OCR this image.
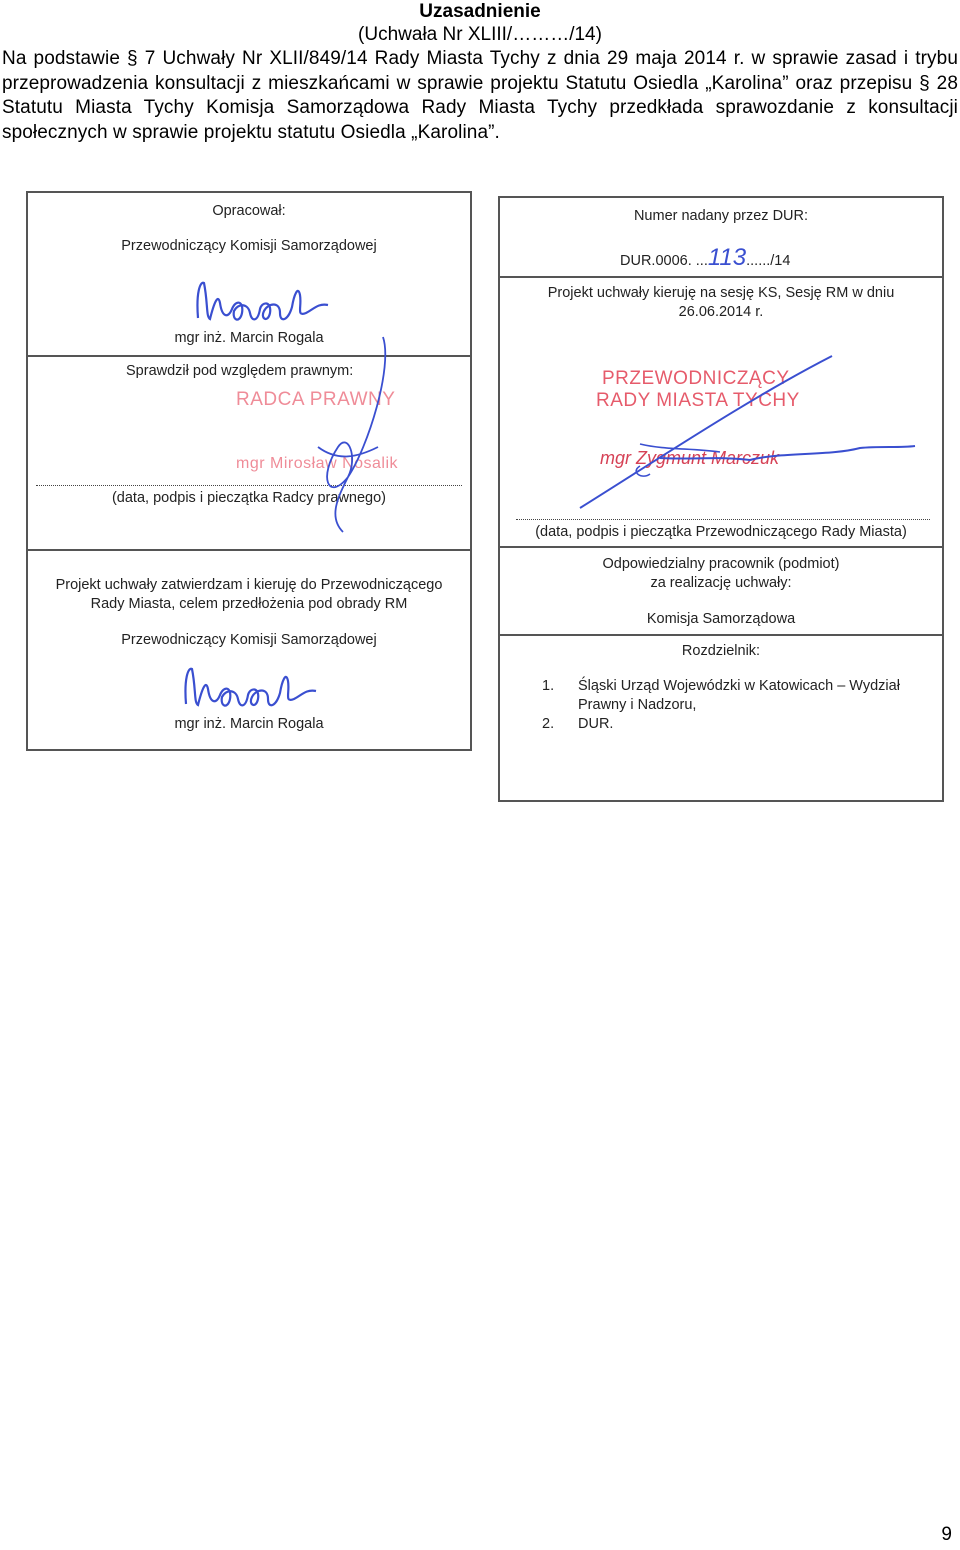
Uzasadnienie
(Uchwała Nr XLIII/………/14)
Na podstawie § 7 Uchwały Nr XLII/849/14 Rady Miasta Tychy z dnia 29 maja 2014 r. w sprawie zasad i trybu przeprowadzenia konsultacji z mieszkańcami w sprawie projektu Statutu Osiedla „Karolina” oraz przepisu § 28 Statutu Miasta Tychy Komisja Samorządowa Rady Miasta Tychy przedkłada sprawozdanie z konsultacji społecznych w sprawie projektu statutu Osiedla „Karolina”.
Opracował:
Przewodniczący Komisji Samorządowej
mgr inż. Marcin Rogala
Sprawdził pod względem prawnym:
RADCA PRAWNY
mgr Mirosław Nosalik
(data, podpis i pieczątka Radcy prawnego)
Projekt uchwały zatwierdzam i kieruję do Przewodniczącego
Rady Miasta, celem przedłożenia pod obrady RM
Przewodniczący Komisji Samorządowej
mgr inż. Marcin Rogala
Numer nadany przez DUR:
DUR.0006. ...113....../14
Projekt uchwały kieruję na sesję KS, Sesję RM w dniu
26.06.2014 r.
PRZEWODNICZĄCY
RADY MIASTA TYCHY
mgr Zygmunt Marczuk
(data, podpis i pieczątka Przewodniczącego Rady Miasta)
Odpowiedzialny pracownik (podmiot)
za realizację uchwały:
Komisja Samorządowa
Rozdzielnik:
1. Śląski Urząd Wojewódzki w Katowicach – Wydział
Prawny i Nadzoru,
2. DUR.
9
